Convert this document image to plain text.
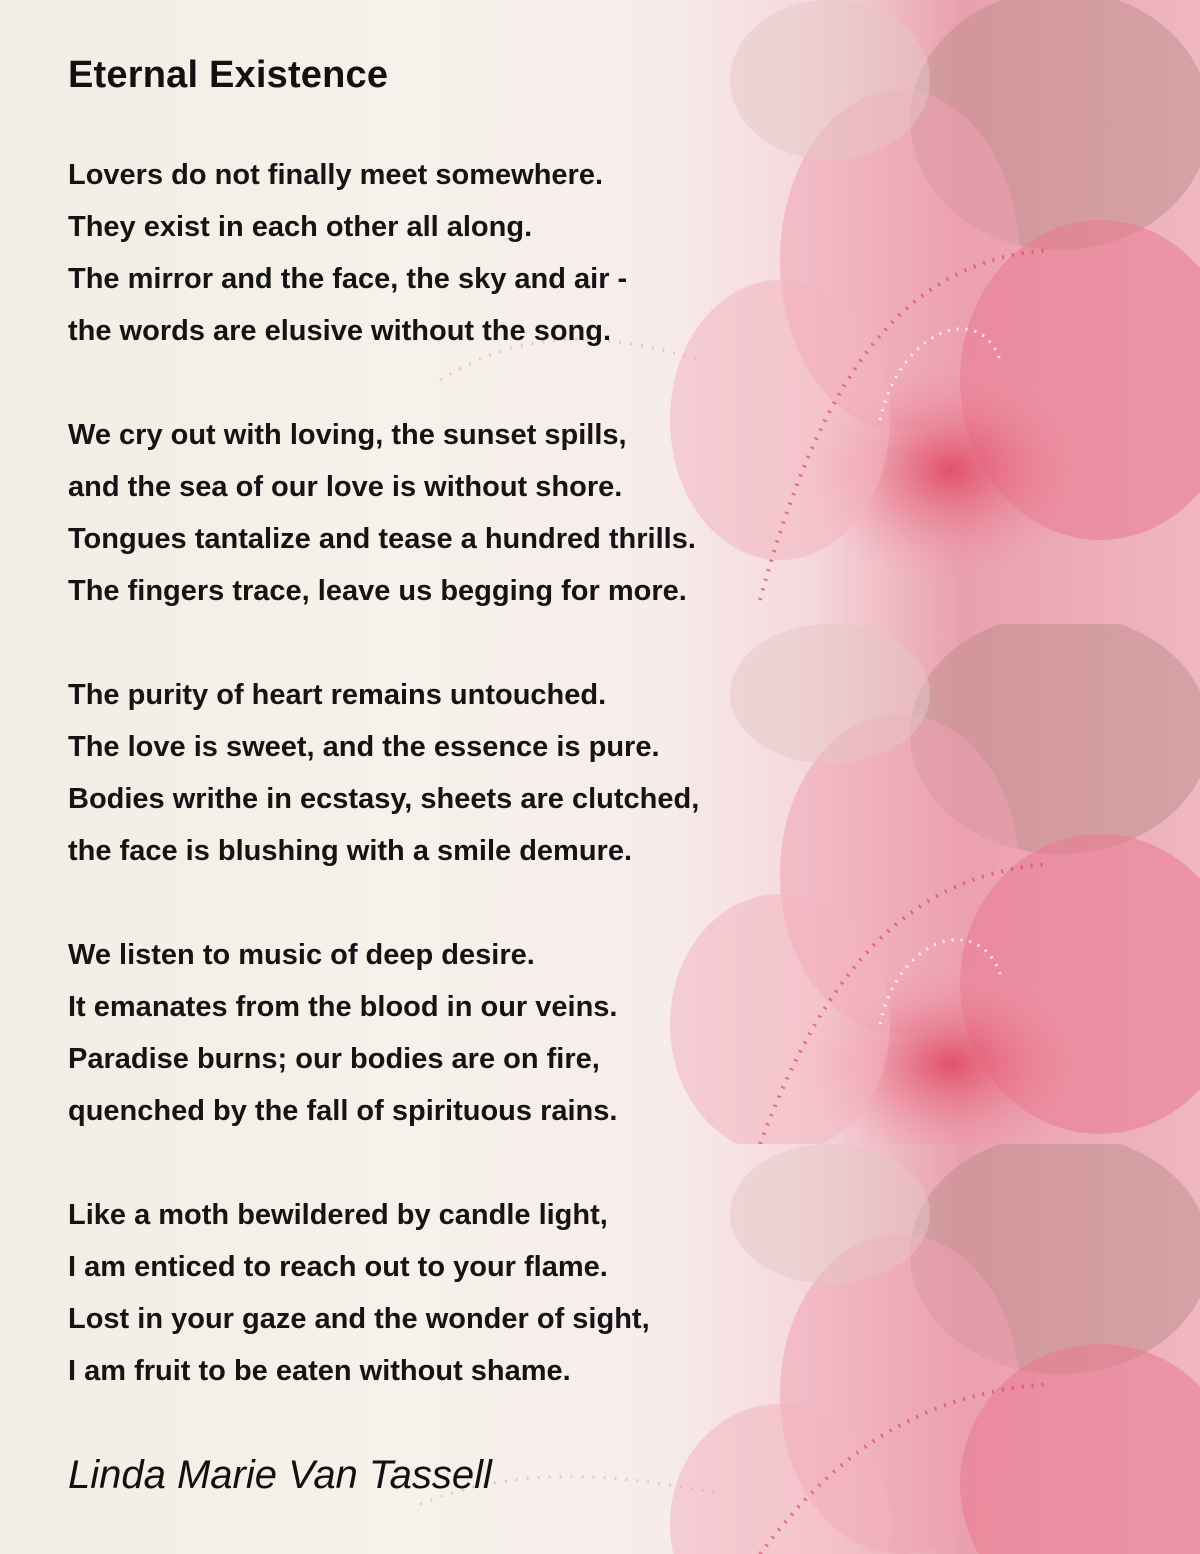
Eternal Existence
Lovers do not finally meet somewhere.
They exist in each other all along.
The mirror and the face, the sky and air -
the words are elusive without the song.
We cry out with loving, the sunset spills,
and the sea of our love is without shore.
Tongues tantalize and tease a hundred thrills.
The fingers trace, leave us begging for more.
The purity of heart remains untouched.
The love is sweet, and the essence is pure.
Bodies writhe in ecstasy, sheets are clutched,
the face is blushing with a smile demure.
We listen to music of deep desire.
It emanates from the blood in our veins.
Paradise burns; our bodies are on fire,
quenched by the fall of spirituous rains.
Like a moth bewildered by candle light,
I am enticed to reach out to your flame.
Lost in your gaze and the wonder of sight,
I am fruit to be eaten without shame.

Linda Marie Van Tassell
